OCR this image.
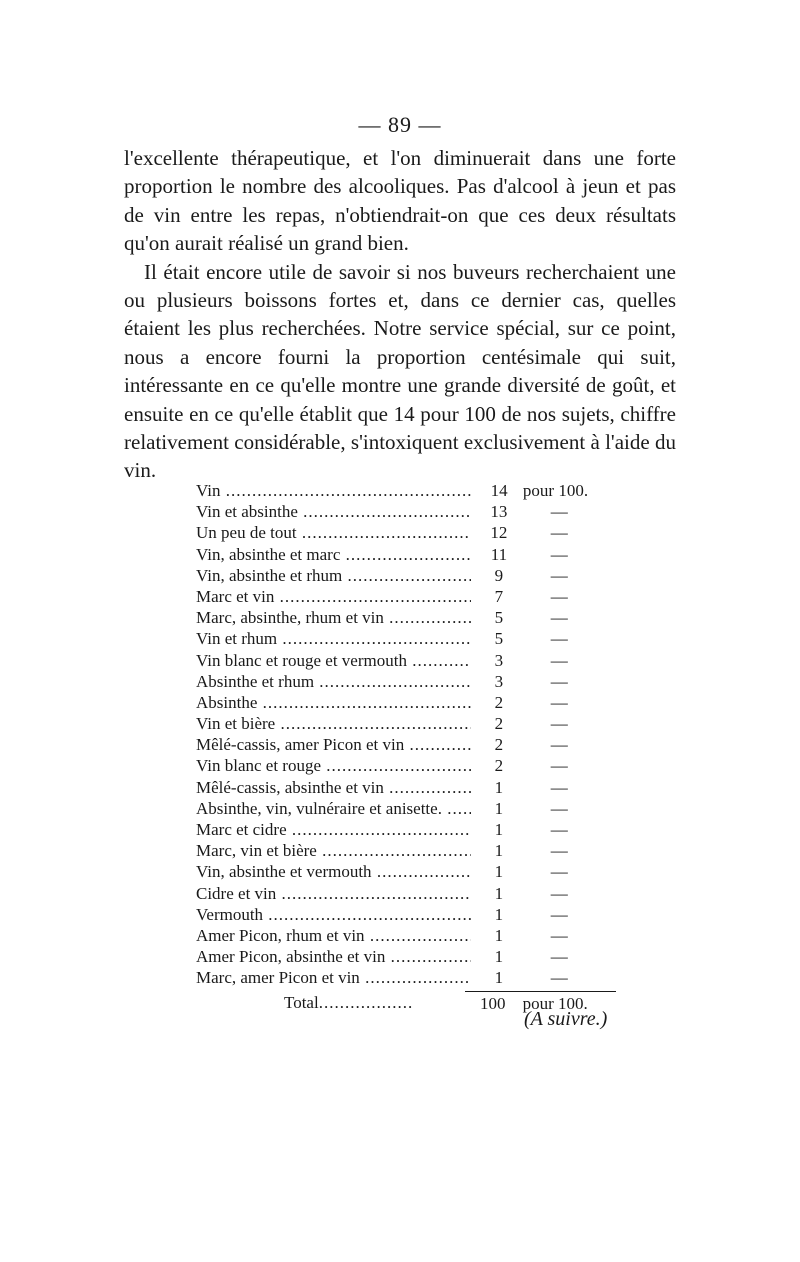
— 89 —

l'excellente thérapeutique, et l'on diminuerait dans une forte proportion le nombre des alcooliques. Pas d'alcool à jeun et pas de vin entre les repas, n'obtiendrait-on que ces deux résultats qu'on aurait réalisé un grand bien.

Il était encore utile de savoir si nos buveurs recherchaient une ou plusieurs boissons fortes et, dans ce dernier cas, quelles étaient les plus recherchées. Notre service spécial, sur ce point, nous a encore fourni la proportion centésimale qui suit, intéressante en ce qu'elle montre une grande diversité de goût, et ensuite en ce qu'elle établit que 14 pour 100 de nos sujets, chiffre relativement considérable, s'intoxiquent exclusivement à l'aide du vin.

Vin .....	14 pour 100.
Vin et absinthe .....	13	—
Un peu de tout .....	12	—
Vin, absinthe et marc .....	11	—
Vin, absinthe et rhum .....	9	—
Marc et vin .....	7	—
Marc, absinthe, rhum et vin .....	5	—
Vin et rhum .....	5	—
Vin blanc et rouge et vermouth .....	3	—
Absinthe et rhum .....	3	—
Absinthe .....	2	—
Vin et bière .....	2	—
Mêlé-cassis, amer Picon et vin .....	2	—
Vin blanc et rouge .....	2	—
Mêlé-cassis, absinthe et vin .....	1	—
Absinthe, vin, vulnéraire et anisette. .....	1	—
Marc et cidre .....	1	—
Marc, vin et bière .....	1	—
Vin, absinthe et vermouth .....	1	—
Cidre et vin .....	1	—
Vermouth .....	1	—
Amer Picon, rhum et vin .....	1	—
Amer Picon, absinthe et vin .....	1	—
Marc, amer Picon et vin .....	1	—
Total .....	100	pour 100.
(A suivre.)
